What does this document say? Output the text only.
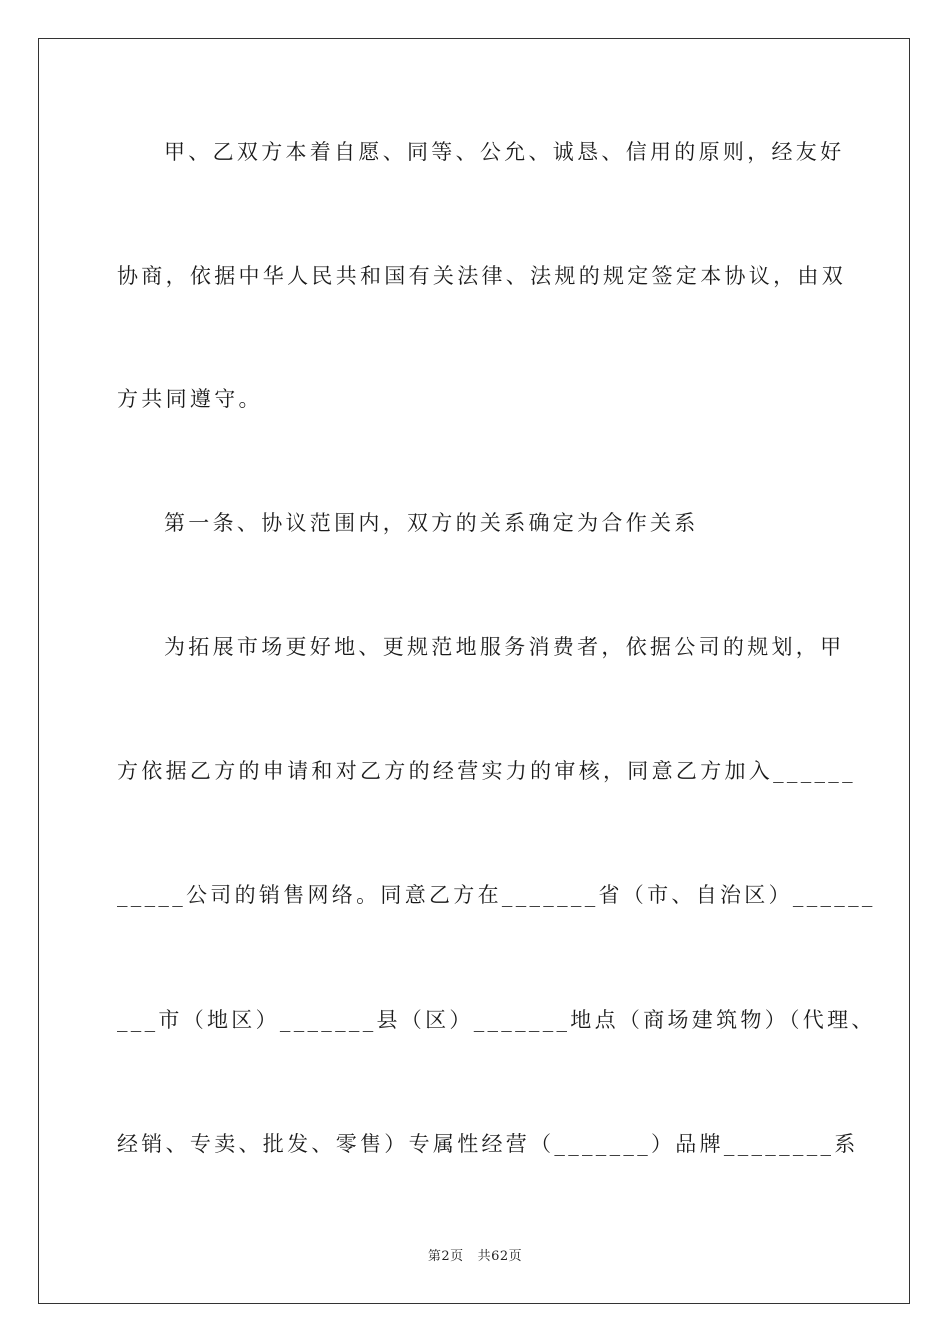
甲、乙双方本着自愿、同等、公允、诚恳、信用的原则，经友好

协商，依据中华人民共和国有关法律、法规的规定签定本协议，由双

方共同遵守。

第一条、协议范围内，双方的关系确定为合作关系

为拓展市场更好地、更规范地服务消费者，依据公司的规划，甲

方依据乙方的申请和对乙方的经营实力的审核，同意乙方加入______

_____公司的销售网络。同意乙方在_______省（市、自治区）______

___市（地区）_______县（区）_______地点（商场建筑物）（代理、

经销、专卖、批发、零售）专属性经营（_______）品牌________系

第2页 共62页
